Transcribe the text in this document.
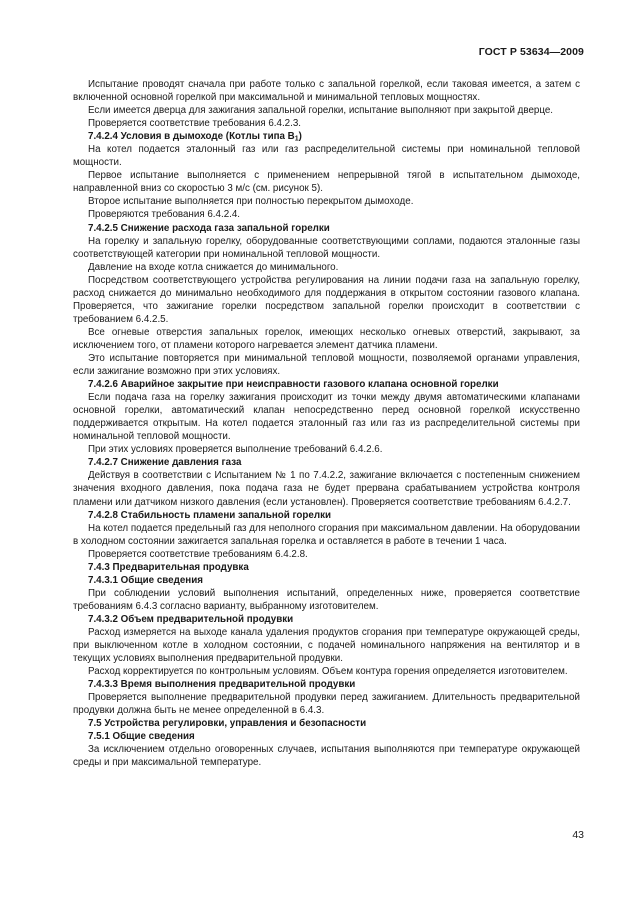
ГОСТ Р 53634—2009
Испытание проводят сначала при работе только с запальной горелкой, если таковая имеется, а затем с включенной основной горелкой при максимальной и минимальной тепловых мощностях.
Если имеется дверца для зажигания запальной горелки, испытание выполняют при закрытой дверце.
Проверяется соответствие требования 6.4.2.3.
7.4.2.4 Условия в дымоходе (Котлы типа $B_1$)
На котел подается эталонный газ или газ распределительной системы при номинальной тепловой мощности.
Первое испытание выполняется с применением непрерывной тягой в испытательном дымоходе, направленной вниз со скоростью 3 м/с (см. рисунок 5).
Второе испытание выполняется при полностью перекрытом дымоходе.
Проверяются требования 6.4.2.4.
7.4.2.5 Снижение расхода газа запальной горелки
На горелку и запальную горелку, оборудованные соответствующими соплами, подаются эталонные газы соответствующей категории при номинальной тепловой мощности.
Давление на входе котла снижается до минимального.
Посредством соответствующего устройства регулирования на линии подачи газа на запальную горелку, расход снижается до минимально необходимого для поддержания в открытом состоянии газового клапана. Проверяется, что зажигание горелки посредством запальной горелки происходит в соответствии с требованием 6.4.2.5.
Все огневые отверстия запальных горелок, имеющих несколько огневых отверстий, закрывают, за исключением того, от пламени которого нагревается элемент датчика пламени.
Это испытание повторяется при минимальной тепловой мощности, позволяемой органами управления, если зажигание возможно при этих условиях.
7.4.2.6 Аварийное закрытие при неисправности газового клапана основной горелки
Если подача газа на горелку зажигания происходит из точки между двумя автоматическими клапанами основной горелки, автоматический клапан непосредственно перед основной горелкой искусственно поддерживается открытым. На котел подается эталонный газ или газ из распределительной системы при номинальной тепловой мощности.
При этих условиях проверяется выполнение требований 6.4.2.6.
7.4.2.7 Снижение давления газа
Действуя в соответствии с Испытанием № 1 по 7.4.2.2, зажигание включается с постепенным снижением значения входного давления, пока подача газа не будет прервана срабатыванием устройства контроля пламени или датчиком низкого давления (если установлен). Проверяется соответствие требованиям 6.4.2.7.
7.4.2.8 Стабильность пламени запальной горелки
На котел подается предельный газ для неполного сгорания при максимальном давлении. На оборудовании в холодном состоянии зажигается запальная горелка и оставляется в работе в течении 1 часа.
Проверяется соответствие требованиям 6.4.2.8.
7.4.3 Предварительная продувка
7.4.3.1 Общие сведения
При соблюдении условий выполнения испытаний, определенных ниже, проверяется соответствие требованиям 6.4.3 согласно варианту, выбранному изготовителем.
7.4.3.2 Объем предварительной продувки
Расход измеряется на выходе канала удаления продуктов сгорания при температуре окружающей среды, при выключенном котле в холодном состоянии, с подачей номинального напряжения на вентилятор и в текущих условиях выполнения предварительной продувки.
Расход корректируется по контрольным условиям. Объем контура горения определяется изготовителем.
7.4.3.3 Время выполнения предварительной продувки
Проверяется выполнение предварительной продувки перед зажиганием. Длительность предварительной продувки должна быть не менее определенной в 6.4.3.
7.5 Устройства регулировки, управления и безопасности
7.5.1 Общие сведения
За исключением отдельно оговоренных случаев, испытания выполняются при температуре окружающей среды и при максимальной температуре.
43
